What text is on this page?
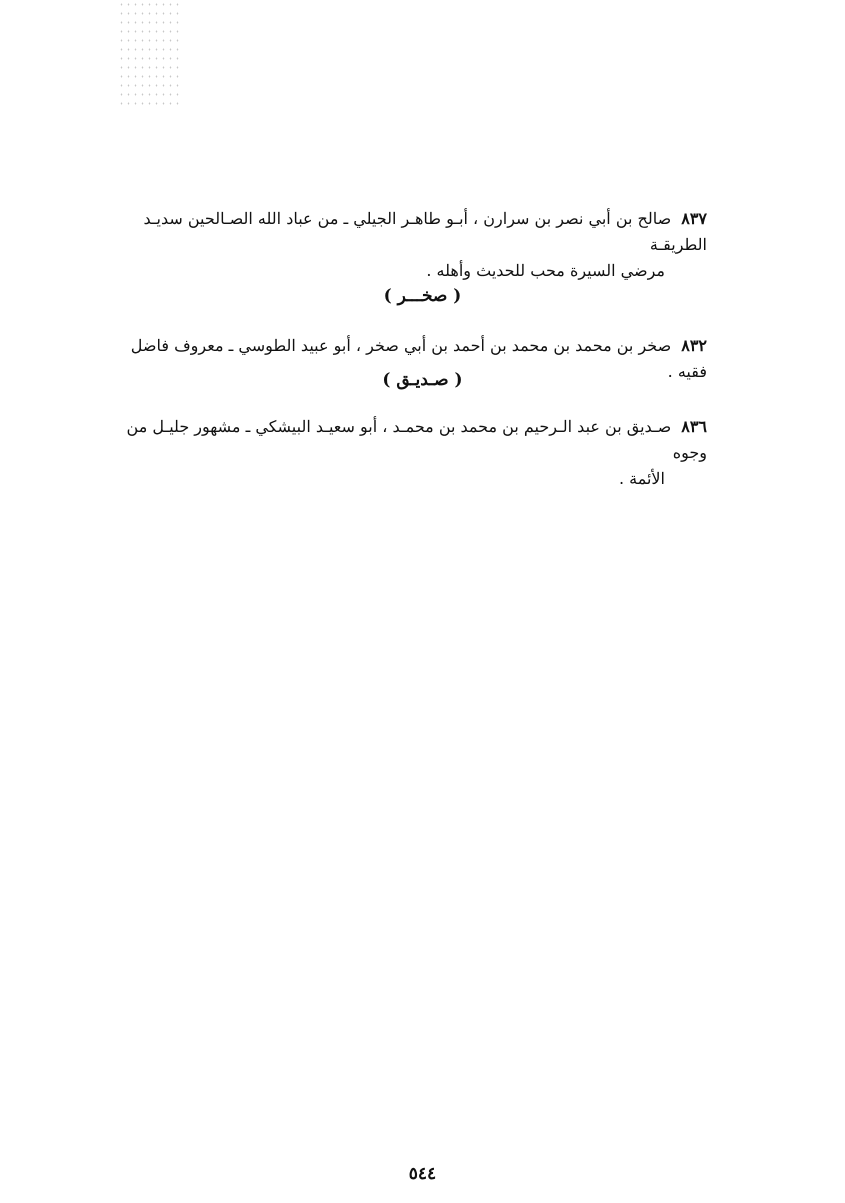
٨٣٧صالح بن أبي نصر بن سرارن ، أبـو طاهـر الجيلي ـ من عباد الله الصـالحين سديـد الطريقـة
مرضي السيرة محب للحديث وأهله .
( صخـــر )
٨٣٢صخر بن محمد بن محمد بن أحمد بن أبي صخر ، أبو عبيد الطوسي ـ معروف فاضل فقيه .
( صـديـق )
٨٣٦صـديق بن عبد الـرحيم بن محمد بن محمـد ، أبو سعيـد البيشكي ـ مشهور جليـل من وجوه
الأئمة .
٥٤٤
